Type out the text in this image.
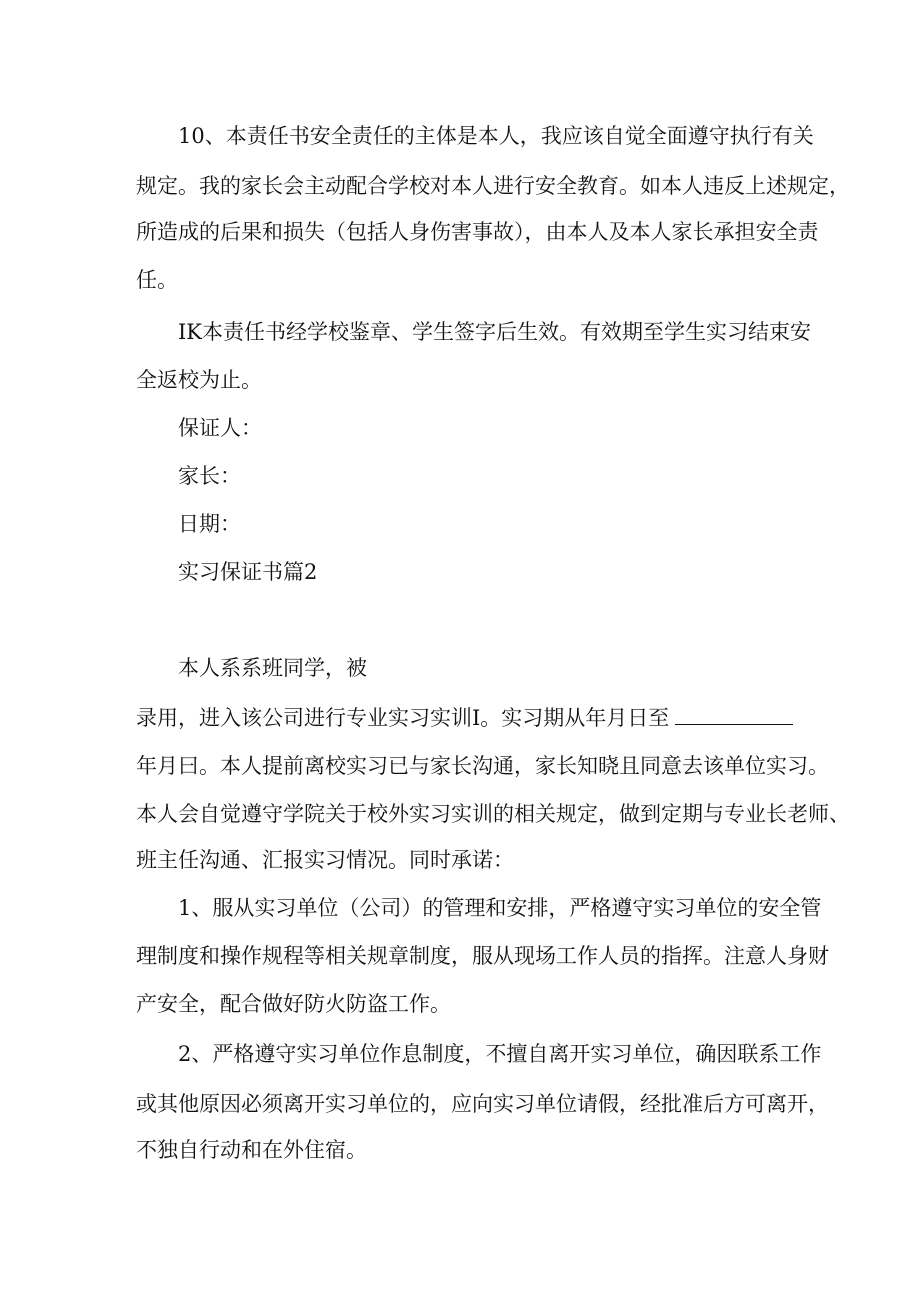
10、本责任书安全责任的主体是本人，我应该自觉全面遵守执行有关
规定。我的家长会主动配合学校对本人进行安全教育。如本人违反上述规定，
所造成的后果和损失（包括人身伤害事故），由本人及本人家长承担安全责
任。
IK本责任书经学校鉴章、学生签字后生效。有效期至学生实习结束安
全返校为止。
保证人：
家长：
日期：
实习保证书篇2
本人系系班同学，被
录用，进入该公司进行专业实习实训I。实习期从年月日至
年月曰。本人提前离校实习已与家长沟通，家长知晓且同意去该单位实习。
本人会自觉遵守学院关于校外实习实训的相关规定，做到定期与专业长老师、
班主任沟通、汇报实习情况。同时承诺：
1、服从实习单位（公司）的管理和安排，严格遵守实习单位的安全管
理制度和操作规程等相关规章制度，服从现场工作人员的指挥。注意人身财
产安全，配合做好防火防盗工作。
2、严格遵守实习单位作息制度，不擅自离开实习单位，确因联系工作
或其他原因必须离开实习单位的，应向实习单位请假，经批准后方可离开，
不独自行动和在外住宿。
